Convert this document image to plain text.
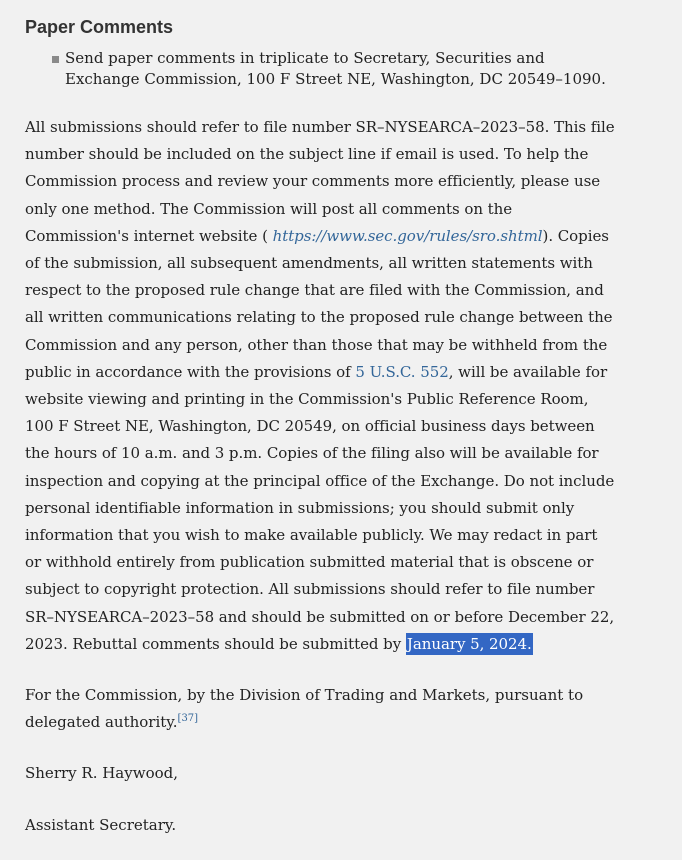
Paper Comments
Send paper comments in triplicate to Secretary, Securities and Exchange Commission, 100 F Street NE, Washington, DC 20549–1090.

All submissions should refer to file number SR–NYSEARCA–2023–58. This file number should be included on the subject line if email is used. To help the Commission process and review your comments more efficiently, please use only one method. The Commission will post all comments on the Commission's internet website ( https://www.sec.gov/rules/sro.shtml). Copies of the submission, all subsequent amendments, all written statements with respect to the proposed rule change that are filed with the Commission, and all written communications relating to the proposed rule change between the Commission and any person, other than those that may be withheld from the public in accordance with the provisions of 5 U.S.C. 552, will be available for website viewing and printing in the Commission's Public Reference Room, 100 F Street NE, Washington, DC 20549, on official business days between the hours of 10 a.m. and 3 p.m. Copies of the filing also will be available for inspection and copying at the principal office of the Exchange. Do not include personal identifiable information in submissions; you should submit only information that you wish to make available publicly. We may redact in part or withhold entirely from publication submitted material that is obscene or subject to copyright protection. All submissions should refer to file number SR–NYSEARCA–2023–58 and should be submitted on or before December 22, 2023. Rebuttal comments should be submitted by January 5, 2024.

For the Commission, by the Division of Trading and Markets, pursuant to delegated authority.[37]

Sherry R. Haywood,

Assistant Secretary.
